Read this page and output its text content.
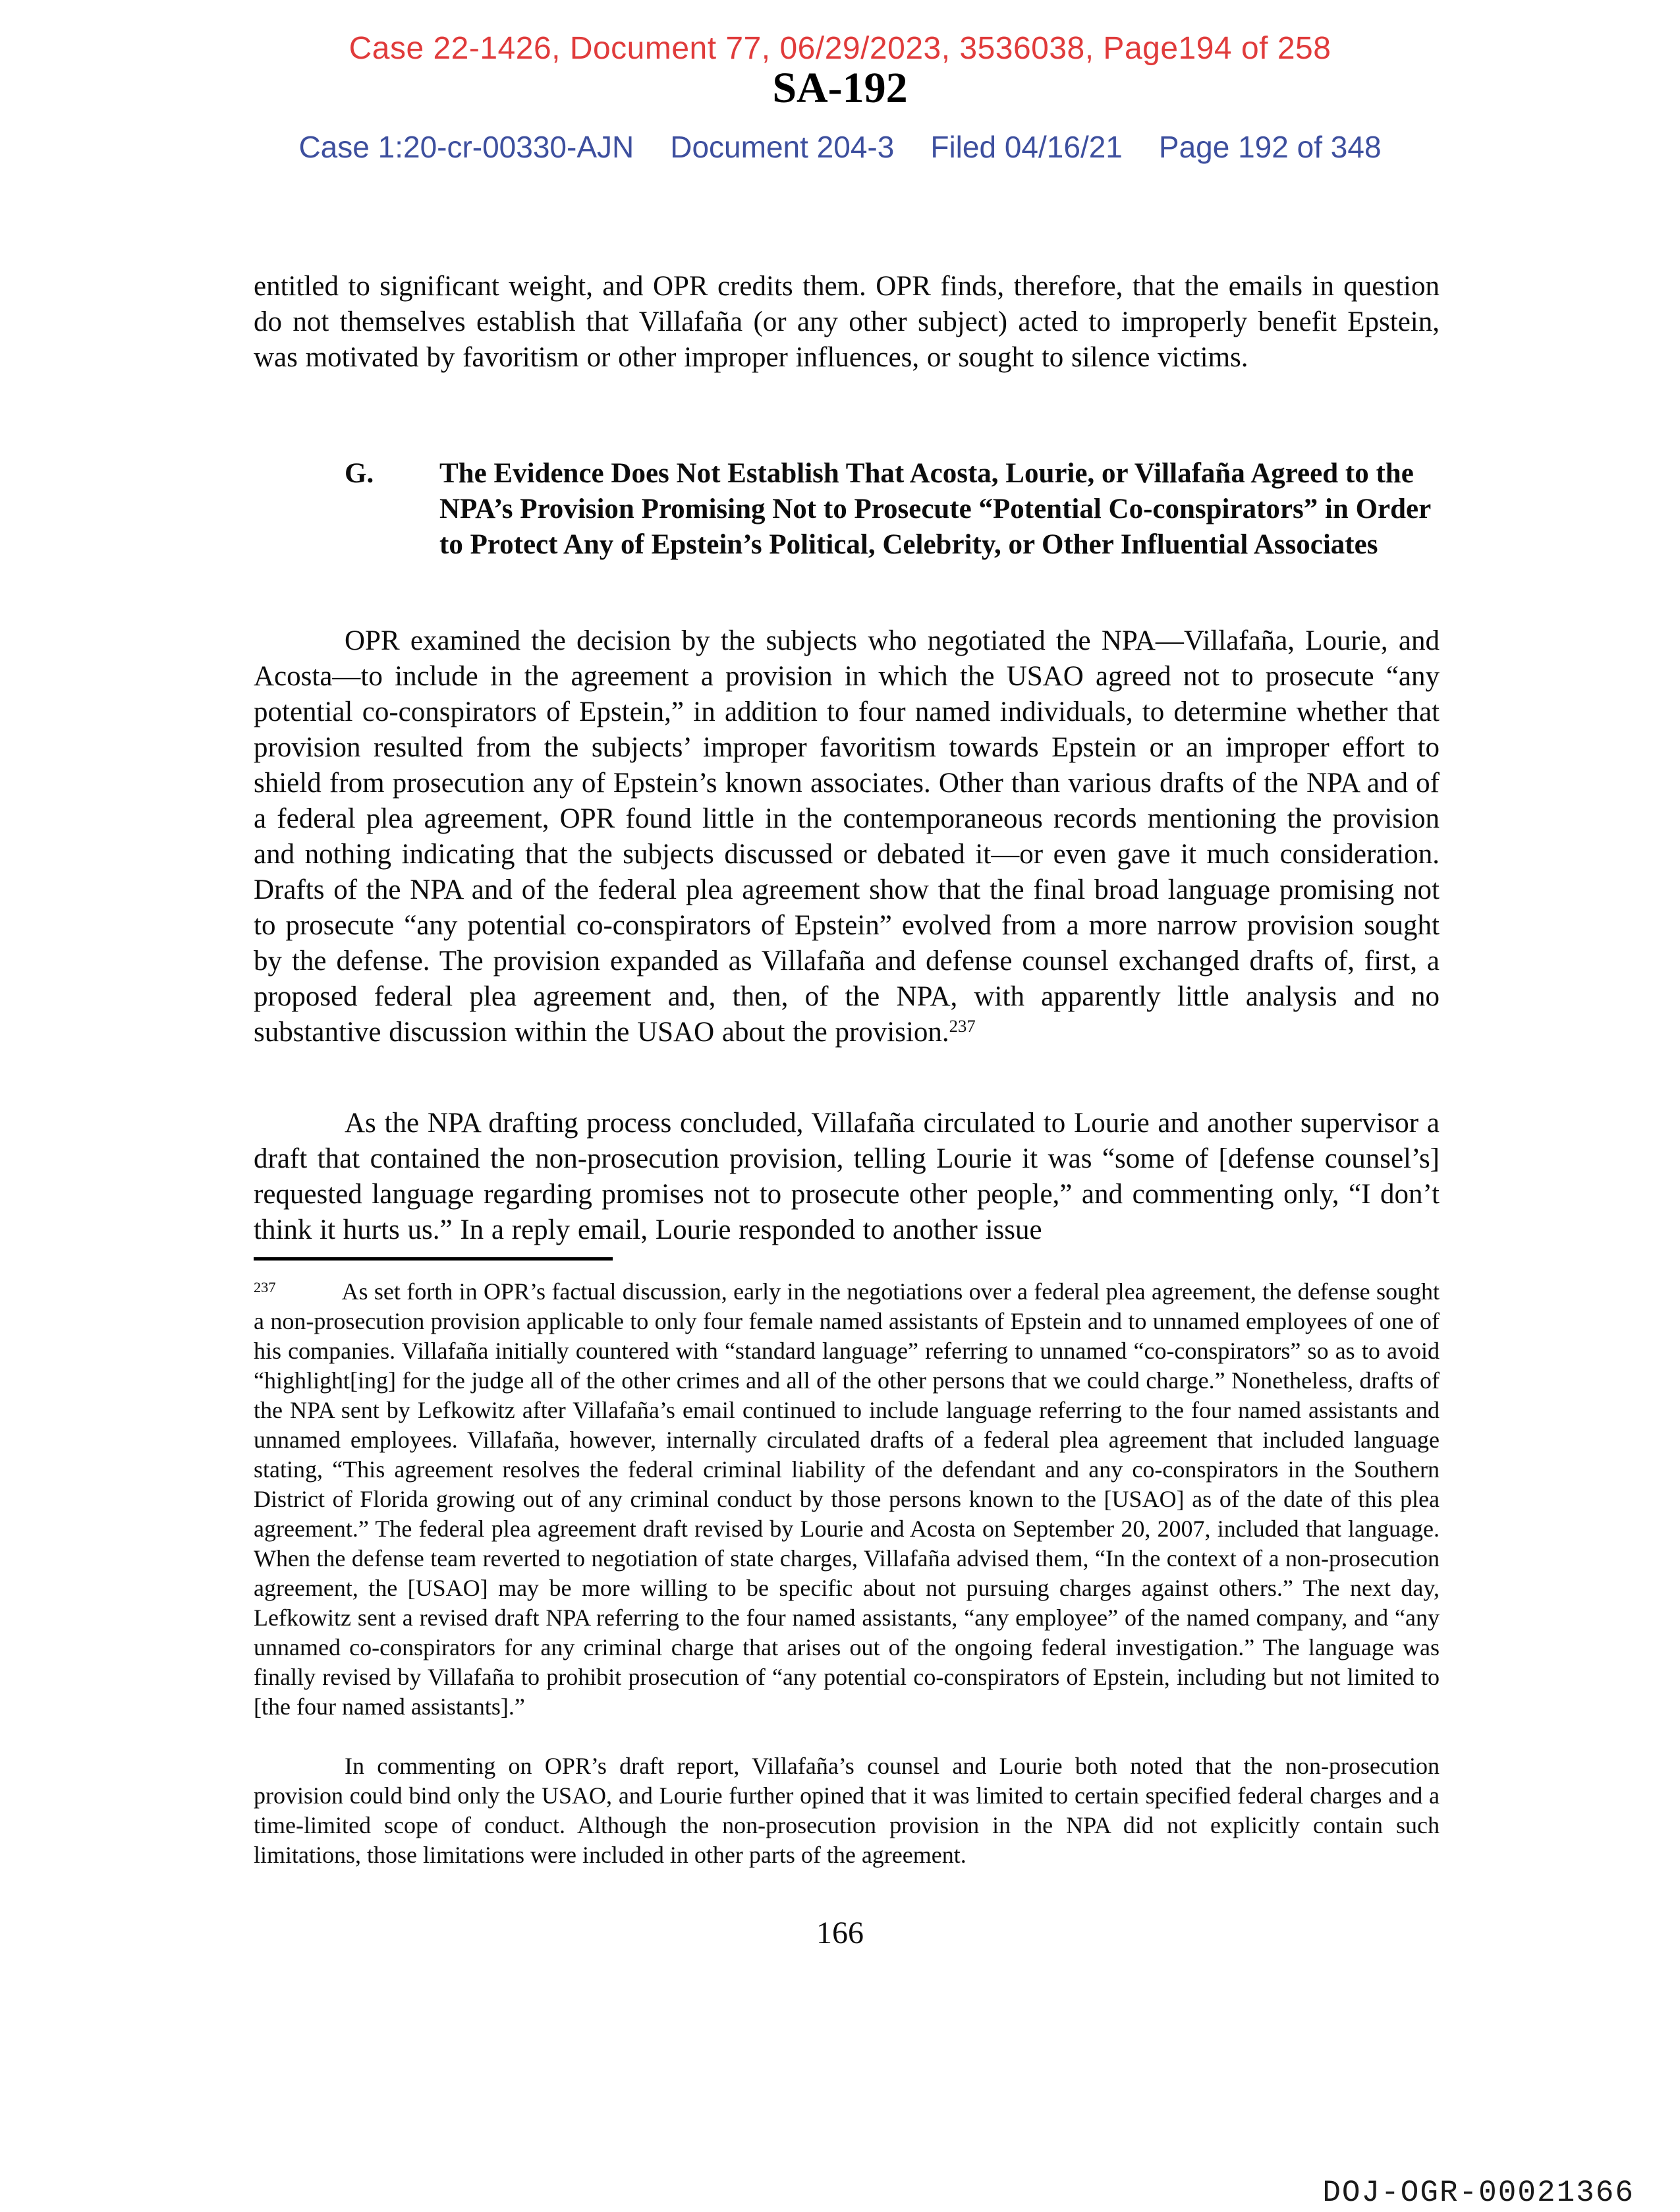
Case 22-1426, Document 77, 06/29/2023, 3536038, Page194 of 258
SA-192
Case 1:20-cr-00330-AJN Document 204-3 Filed 04/16/21 Page 192 of 348

entitled to significant weight, and OPR credits them. OPR finds, therefore, that the emails in question do not themselves establish that Villafaña (or any other subject) acted to improperly benefit Epstein, was motivated by favoritism or other improper influences, or sought to silence victims.

G. The Evidence Does Not Establish That Acosta, Lourie, or Villafaña Agreed to the NPA’s Provision Promising Not to Prosecute “Potential Co-conspirators” in Order to Protect Any of Epstein’s Political, Celebrity, or Other Influential Associates

OPR examined the decision by the subjects who negotiated the NPA—Villafaña, Lourie, and Acosta—to include in the agreement a provision in which the USAO agreed not to prosecute “any potential co-conspirators of Epstein,” in addition to four named individuals, to determine whether that provision resulted from the subjects’ improper favoritism towards Epstein or an improper effort to shield from prosecution any of Epstein’s known associates. Other than various drafts of the NPA and of a federal plea agreement, OPR found little in the contemporaneous records mentioning the provision and nothing indicating that the subjects discussed or debated it—or even gave it much consideration. Drafts of the NPA and of the federal plea agreement show that the final broad language promising not to prosecute “any potential co-conspirators of Epstein” evolved from a more narrow provision sought by the defense. The provision expanded as Villafaña and defense counsel exchanged drafts of, first, a proposed federal plea agreement and, then, of the NPA, with apparently little analysis and no substantive discussion within the USAO about the provision.$^{237}$

As the NPA drafting process concluded, Villafaña circulated to Lourie and another supervisor a draft that contained the non-prosecution provision, telling Lourie it was “some of [defense counsel’s] requested language regarding promises not to prosecute other people,” and commenting only, “I don’t think it hurts us.” In a reply email, Lourie responded to another issue

$^{237}$	As set forth in OPR’s factual discussion, early in the negotiations over a federal plea agreement, the defense sought a non-prosecution provision applicable to only four female named assistants of Epstein and to unnamed employees of one of his companies. Villafaña initially countered with “standard language” referring to unnamed “co-conspirators” so as to avoid “highlight[ing] for the judge all of the other crimes and all of the other persons that we could charge.” Nonetheless, drafts of the NPA sent by Lefkowitz after Villafaña’s email continued to include language referring to the four named assistants and unnamed employees. Villafaña, however, internally circulated drafts of a federal plea agreement that included language stating, “This agreement resolves the federal criminal liability of the defendant and any co-conspirators in the Southern District of Florida growing out of any criminal conduct by those persons known to the [USAO] as of the date of this plea agreement.” The federal plea agreement draft revised by Lourie and Acosta on September 20, 2007, included that language. When the defense team reverted to negotiation of state charges, Villafaña advised them, “In the context of a non-prosecution agreement, the [USAO] may be more willing to be specific about not pursuing charges against others.” The next day, Lefkowitz sent a revised draft NPA referring to the four named assistants, “any employee” of the named company, and “any unnamed co-conspirators for any criminal charge that arises out of the ongoing federal investigation.” The language was finally revised by Villafaña to prohibit prosecution of “any potential co-conspirators of Epstein, including but not limited to [the four named assistants].”

In commenting on OPR’s draft report, Villafaña’s counsel and Lourie both noted that the non-prosecution provision could bind only the USAO, and Lourie further opined that it was limited to certain specified federal charges and a time-limited scope of conduct. Although the non-prosecution provision in the NPA did not explicitly contain such limitations, those limitations were included in other parts of the agreement.

166
DOJ-OGR-00021366
